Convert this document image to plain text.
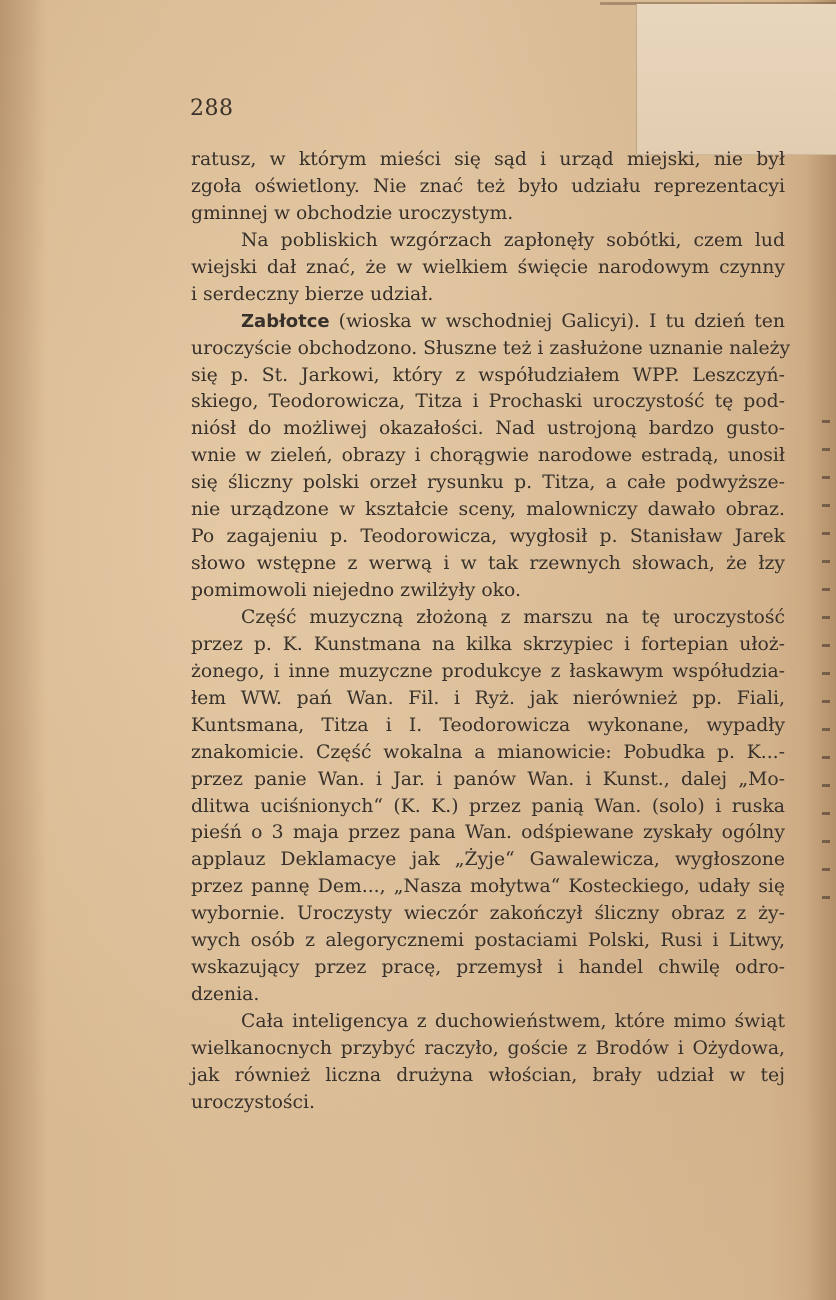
288
ratusz, w którym mieści się sąd i urząd miejski, nie był
zgoła oświetlony. Nie znać też było udziału reprezentacyi
gminnej w obchodzie uroczystym.
Na pobliskich wzgórzach zapłonęły sobótki, czem lud
wiejski dał znać, że w wielkiem święcie narodowym czynny
i serdeczny bierze udział.
Zabłotce (wioska w wschodniej Galicyi). I tu dzień ten
uroczyście obchodzono. Słuszne też i zasłużone uznanie należy
się p. St. Jarkowi, który z współudziałem WPP. Leszczyń-
skiego, Teodorowicza, Titza i Prochaski uroczystość tę pod-
niósł do możliwej okazałości. Nad ustrojoną bardzo gusto-
wnie w zieleń, obrazy i chorągwie narodowe estradą, unosił
się śliczny polski orzeł rysunku p. Titza, a całe podwyższe-
nie urządzone w kształcie sceny, malowniczy dawało obraz.
Po zagajeniu p. Teodorowicza, wygłosił p. Stanisław Jarek
słowo wstępne z werwą i w tak rzewnych słowach, że łzy
pomimowoli niejedno zwilżyły oko.
Część muzyczną złożoną z marszu na tę uroczystość
przez p. K. Kunstmana na kilka skrzypiec i fortepian ułoż-
żonego, i inne muzyczne produkcye z łaskawym współudzia-
łem WW. pań Wan. Fil. i Ryż. jak nierównież pp. Fiali,
Kuntsmana, Titza i I. Teodorowicza wykonane, wypadły
znakomicie. Część wokalna a mianowicie: Pobudka p. K...-
przez panie Wan. i Jar. i panów Wan. i Kunst., dalej „Mo-
dlitwa uciśnionych“ (K. K.) przez panią Wan. (solo) i ruska
pieśń o 3 maja przez pana Wan. odśpiewane zyskały ogólny
applauz Deklamacye jak „Żyje“ Gawalewicza, wygłoszone
przez pannę Dem..., „Nasza mołytwa“ Kosteckiego, udały się
wybornie. Uroczysty wieczór zakończył śliczny obraz z ży-
wych osób z alegorycznemi postaciami Polski, Rusi i Litwy,
wskazujący przez pracę, przemysł i handel chwilę odro-
dzenia.
Cała inteligencya z duchowieństwem, które mimo świąt
wielkanocnych przybyć raczyło, goście z Brodów i Ożydowa,
jak również liczna drużyna włościan, brały udział w tej
uroczystości.
